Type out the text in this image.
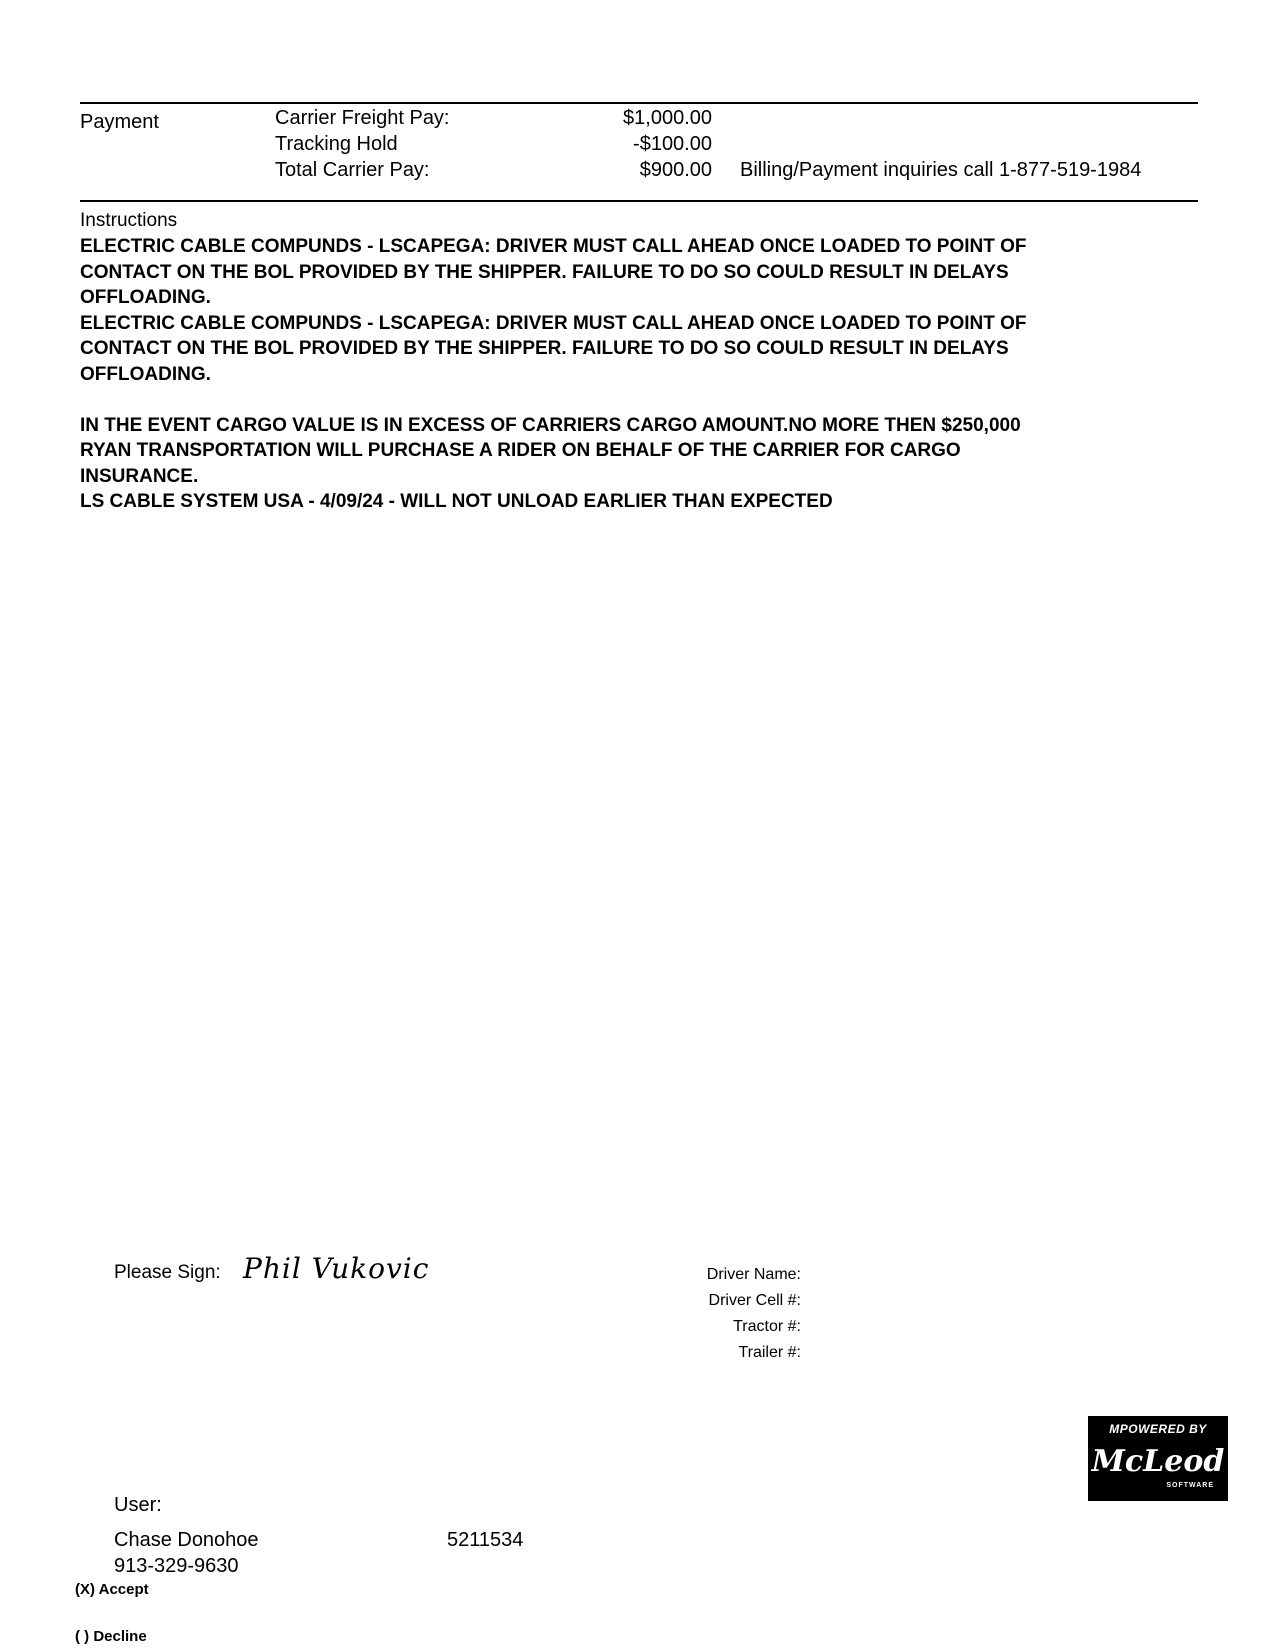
Payment	Carrier Freight Pay:	$1,000.00
Tracking Hold	-$100.00
Total Carrier Pay:	$900.00 Billing/Payment inquiries call 1-877-519-1984
Instructions

ELECTRIC CABLE COMPUNDS - LSCAPEGA: DRIVER MUST CALL AHEAD ONCE LOADED TO POINT OF
CONTACT ON THE BOL PROVIDED BY THE SHIPPER. FAILURE TO DO SO COULD RESULT IN DELAYS
OFFLOADING.

ELECTRIC CABLE COMPUNDS - LSCAPEGA: DRIVER MUST CALL AHEAD ONCE LOADED TO POINT OF
CONTACT ON THE BOL PROVIDED BY THE SHIPPER. FAILURE TO DO SO COULD RESULT IN DELAYS
OFFLOADING.

IN THE EVENT CARGO VALUE IS IN EXCESS OF CARRIERS CARGO AMOUNT.NO MORE THEN $250,000
RYAN TRANSPORTATION WILL PURCHASE A RIDER ON BEHALF OF THE CARRIER FOR CARGO
INSURANCE.

LS CABLE SYSTEM USA - 4/09/24 - WILL NOT UNLOAD EARLIER THAN EXPECTED

Please Sign: Phil Vukovic	Driver Name:
Driver Cell #:
Tractor #:
Trailer #:
MPOWERED BY
McLeod
SOFTWARE
User:
Chase Donohoe	5211534
913-329-9630
(X) Accept
( ) Decline
